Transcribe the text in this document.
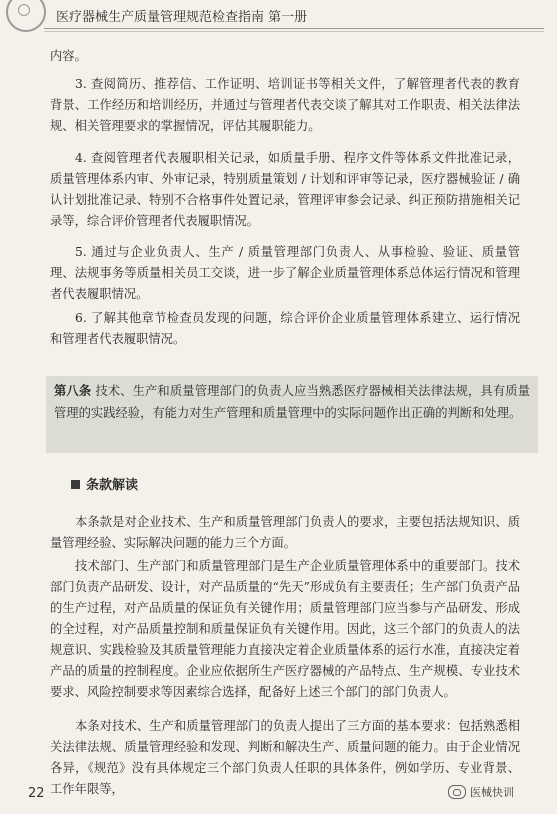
医疗器械生产质量管理规范检查指南 第一册
内容。
3. 查阅简历、推荐信、工作证明、培训证书等相关文件，了解管理者代表的教育背景、工作经历和培训经历，并通过与管理者代表交谈了解其对工作职责、相关法律法规、相关管理要求的掌握情况，评估其履职能力。
4. 查阅管理者代表履职相关记录，如质量手册、程序文件等体系文件批准记录，质量管理体系内审、外审记录，特别质量策划 / 计划和评审等记录，医疗器械验证 / 确认计划批准记录、特别不合格事件处置记录，管理评审参会记录、纠正预防措施相关记录等，综合评价管理者代表履职情况。
5. 通过与企业负责人、生产 / 质量管理部门负责人、从事检验、验证、质量管理、法规事务等质量相关员工交谈，进一步了解企业质量管理体系总体运行情况和管理者代表履职情况。
6. 了解其他章节检查员发现的问题，综合评价企业质量管理体系建立、运行情况和管理者代表履职情况。
第八条 技术、生产和质量管理部门的负责人应当熟悉医疗器械相关法律法规，具有质量管理的实践经验，有能力对生产管理和质量管理中的实际问题作出正确的判断和处理。
条款解读
本条款是对企业技术、生产和质量管理部门负责人的要求，主要包括法规知识、质量管理经验、实际解决问题的能力三个方面。
技术部门、生产部门和质量管理部门是生产企业质量管理体系中的重要部门。技术部门负责产品研发、设计，对产品质量的“先天”形成负有主要责任；生产部门负责产品的生产过程，对产品质量的保证负有关键作用；质量管理部门应当参与产品研发、形成的全过程，对产品质量控制和质量保证负有关键作用。因此，这三个部门的负责人的法规意识、实践检验及其质量管理能力直接决定着企业质量体系的运行水准，直接决定着产品的质量的控制程度。企业应依据所生产医疗器械的产品特点、生产规模、专业技术要求、风险控制要求等因素综合选择，配备好上述三个部门的部门负责人。
本条对技术、生产和质量管理部门的负责人提出了三方面的基本要求：包括熟悉相关法律法规、质量管理经验和发现、判断和解决生产、质量问题的能力。由于企业情况各异，《规范》没有具体规定三个部门负责人任职的具体条件，例如学历、专业背景、工作年限等，
22	医械快训
